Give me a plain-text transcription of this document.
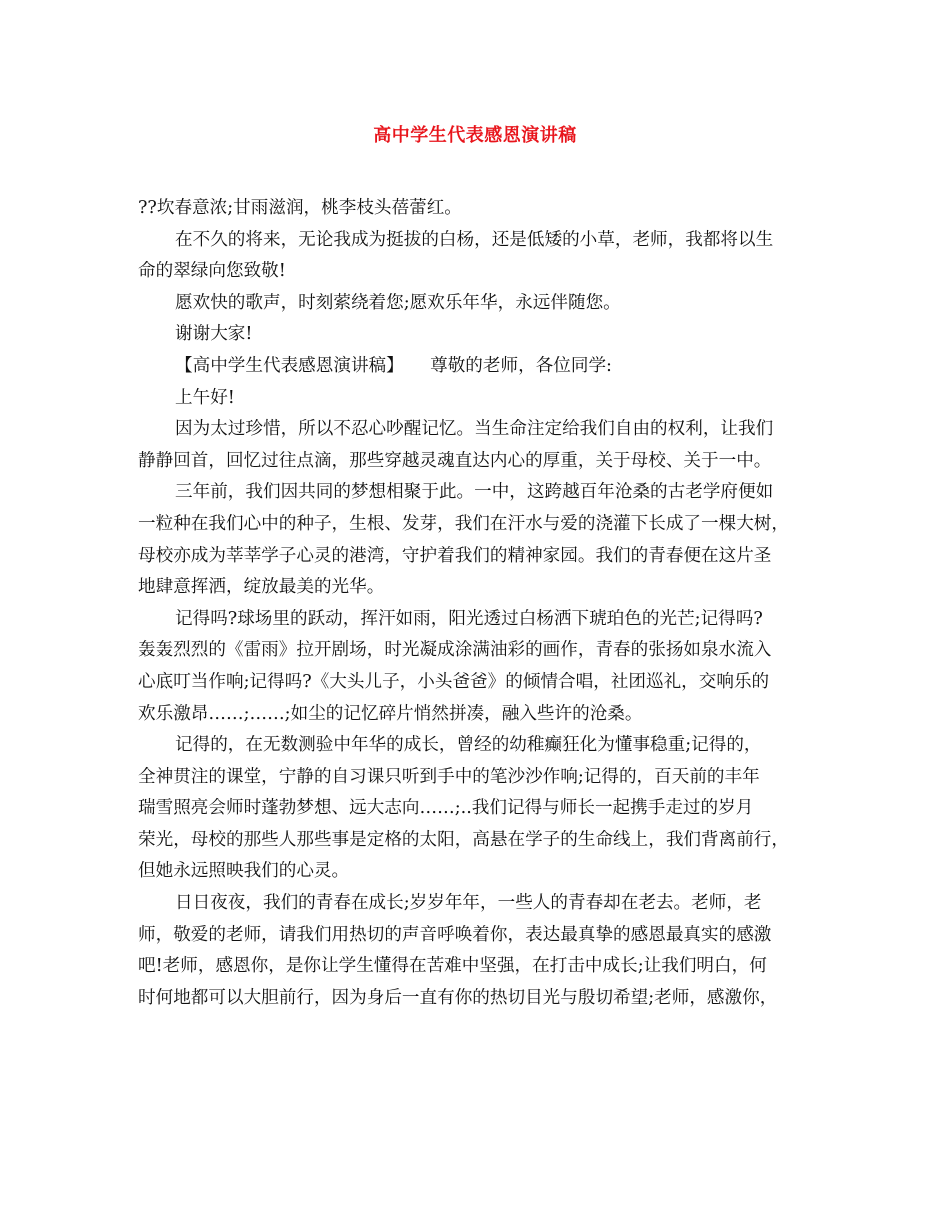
高中学生代表感恩演讲稿
??坎春意浓;甘雨滋润，桃李枝头蓓蕾红。
在不久的将来，无论我成为挺拔的白杨，还是低矮的小草，老师，我都将以生
命的翠绿向您致敬!
愿欢快的歌声，时刻萦绕着您;愿欢乐年华，永远伴随您。
谢谢大家!
【高中学生代表感恩演讲稿】　　尊敬的老师，各位同学:
上午好!
因为太过珍惜，所以不忍心吵醒记忆。当生命注定给我们自由的权利，让我们
静静回首，回忆过往点滴，那些穿越灵魂直达内心的厚重，关于母校、关于一中。
三年前，我们因共同的梦想相聚于此。一中，这跨越百年沧桑的古老学府便如
一粒种在我们心中的种子，生根、发芽，我们在汗水与爱的浇灌下长成了一棵大树，
母校亦成为莘莘学子心灵的港湾，守护着我们的精神家园。我们的青春便在这片圣
地肆意挥洒，绽放最美的光华。
记得吗?球场里的跃动，挥汗如雨，阳光透过白杨洒下琥珀色的光芒;记得吗?
轰轰烈烈的《雷雨》拉开剧场，时光凝成涂满油彩的画作，青春的张扬如泉水流入
心底叮当作响;记得吗?《大头儿子，小头爸爸》的倾情合唱，社团巡礼，交响乐的
欢乐激昂……;……;如尘的记忆碎片悄然拼凑，融入些许的沧桑。
记得的，在无数测验中年华的成长，曾经的幼稚癫狂化为懂事稳重;记得的，
全神贯注的课堂，宁静的自习课只听到手中的笔沙沙作响;记得的，百天前的丰年
瑞雪照亮会师时蓬勃梦想、远大志向……;..我们记得与师长一起携手走过的岁月
荣光，母校的那些人那些事是定格的太阳，高悬在学子的生命线上，我们背离前行，
但她永远照映我们的心灵。
日日夜夜，我们的青春在成长;岁岁年年，一些人的青春却在老去。老师，老
师，敬爱的老师，请我们用热切的声音呼唤着你，表达最真挚的感恩最真实的感激
吧!老师，感恩你，是你让学生懂得在苦难中坚强，在打击中成长;让我们明白，何
时何地都可以大胆前行，因为身后一直有你的热切目光与殷切希望;老师，感激你，
